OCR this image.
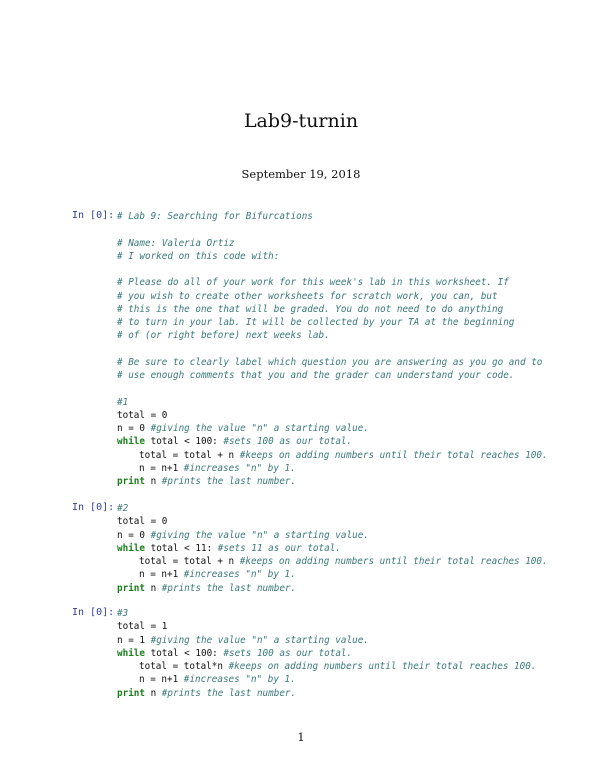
Lab9-turnin
September 19, 2018
In [0]: # Lab 9: Searching for Bifurcations
# Name: Valeria Ortiz
# I worked on this code with:
# Please do all of your work for this week's lab in this worksheet. If
# you wish to create other worksheets for scratch work, you can, but
# this is the one that will be graded. You do not need to do anything
# to turn in your lab. It will be collected by your TA at the beginning
# of (or right before) next weeks lab.
# Be sure to clearly label which question you are answering as you go and to
# use enough comments that you and the grader can understand your code.
#1
total = 0
n = 0 #giving the value "n" a starting value.
while total < 100: #sets 100 as our total.
total = total + n #keeps on adding numbers until their total reaches 100.
n = n+1 #increases "n" by 1.
print n #prints the last number.
In [0]: #2
total = 0
n = 0 #giving the value "n" a starting value.
while total < 11: #sets 11 as our total.
total = total + n #keeps on adding numbers until their total reaches 100.
n = n+1 #increases "n" by 1.
print n #prints the last number.
In [0]: #3
total = 1
n = 1 #giving the value "n" a starting value.
while total < 100: #sets 100 as our total.
total = total*n #keeps on adding numbers until their total reaches 100.
n = n+1 #increases "n" by 1.
print n #prints the last number.
1
